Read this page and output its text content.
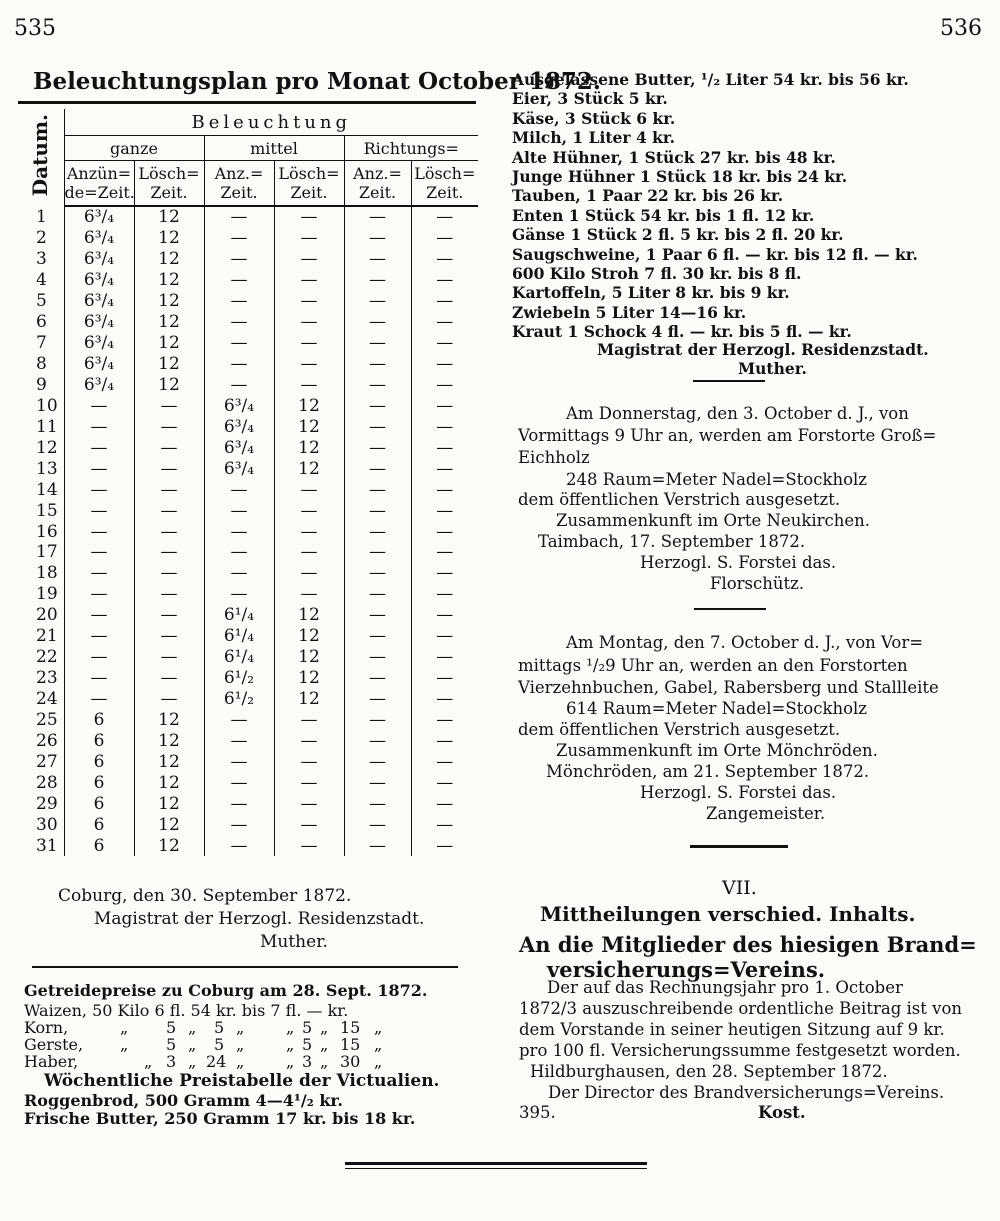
535	536
Beleuchtungsplan pro Monat October 1872.
Datum.	Beleuchtung					
	ganze		mittel		Richtungs=	
	Anzün= de=Zeit.	Lösch= Zeit.	Anz.= Zeit.	Lösch= Zeit.	Anz.= Zeit.	Lösch= Zeit.
1	6³/₄	12	—	—	—	—
2	6³/₄	12	—	—	—	—
3	6³/₄	12	—	—	—	—
4	6³/₄	12	—	—	—	—
5	6³/₄	12	—	—	—	—
6	6³/₄	12	—	—	—	—
7	6³/₄	12	—	—	—	—
8	6³/₄	12	—	—	—	—
9	6³/₄	12	—	—	—	—
10	—	—	6³/₄	12	—	—
11	—	—	6³/₄	12	—	—
12	—	—	6³/₄	12	—	—
13	—	—	6³/₄	12	—	—
14	—	—	—	—	—	—
15	—	—	—	—	—	—
16	—	—	—	—	—	—
17	—	—	—	—	—	—
18	—	—	—	—	—	—
19	—	—	—	—	—	—
20	—	—	6¹/₄	12	—	—
21	—	—	6¹/₄	12	—	—
22	—	—	6¹/₄	12	—	—
23	—	—	6¹/₂	12	—	—
24	—	—	6¹/₂	12	—	—
25	6	12	—	—	—	—
26	6	12	—	—	—	—
27	6	12	—	—	—	—
28	6	12	—	—	—	—
29	6	12	—	—	—	—
30	6	12	—	—	—	—
31	6	12	—	—	—	—
Coburg, den 30. September 1872.
Magistrat der Herzogl. Residenzstadt.
Muther.
Getreidepreise zu Coburg am 28. Sept. 1872.
Waizen, 50 Kilo 6 fl. 54 kr. bis 7 fl. — kr.
Korn,	„ 5 „ 5 „	„ 5 „ 15 „
Gerste, „ 5 „ 5 „	„ 5 „ 15 „
Haber,	„ 3 „ 24 „	„ 3 „ 30 „
Wöchentliche Preistabelle der Victualien.
Roggenbrod, 500 Gramm 4—4¹/₂ kr.
Frische Butter, 250 Gramm 17 kr. bis 18 kr.
Ausgelassene Butter, ¹/₂ Liter 54 kr. bis 56 kr.
Eier, 3 Stück 5 kr.
Käse, 3 Stück 6 kr.
Milch, 1 Liter 4 kr.
Alte Hühner, 1 Stück 27 kr. bis 48 kr.
Junge Hühner 1 Stück 18 kr. bis 24 kr.
Tauben, 1 Paar 22 kr. bis 26 kr.
Enten 1 Stück 54 kr. bis 1 fl. 12 kr.
Gänse 1 Stück 2 fl. 5 kr. bis 2 fl. 20 kr.
Saugschweine, 1 Paar 6 fl. — kr. bis 12 fl. — kr.
600 Kilo Stroh 7 fl. 30 kr. bis 8 fl.
Kartoffeln, 5 Liter 8 kr. bis 9 kr.
Zwiebeln 5 Liter 14—16 kr.
Kraut 1 Schock 4 fl. — kr. bis 5 fl. — kr.
Magistrat der Herzogl. Residenzstadt.
Muther.
Am Donnerstag, den 3. October d. J., von
Vormittags 9 Uhr an, werden am Forstorte Groß=
Eichholz
248 Raum=Meter Nadel=Stockholz
dem öffentlichen Verstrich ausgesetzt.
Zusammenkunft im Orte Neukirchen.
Taimbach, 17. September 1872.
Herzogl. S. Forstei das.
Florschütz.
Am Montag, den 7. October d. J., von Vor=
mittags ¹/₂9 Uhr an, werden an den Forstorten
Vierzehnbuchen, Gabel, Rabersberg und Stallleite
614 Raum=Meter Nadel=Stockholz
dem öffentlichen Verstrich ausgesetzt.
Zusammenkunft im Orte Mönchröden.
Mönchröden, am 21. September 1872.
Herzogl. S. Forstei das.
Zangemeister.
VII.
Mittheilungen verschied. Inhalts.
An die Mitglieder des hiesigen Brand=
versicherungs=Vereins.
Der auf das Rechnungsjahr pro 1. October
1872/3 auszuschreibende ordentliche Beitrag ist von
dem Vorstande in seiner heutigen Sitzung auf 9 kr.
pro 100 fl. Versicherungssumme festgesetzt worden.
Hildburghausen, den 28. September 1872.
Der Director des Brandversicherungs=Vereins.
395.	Kost.
